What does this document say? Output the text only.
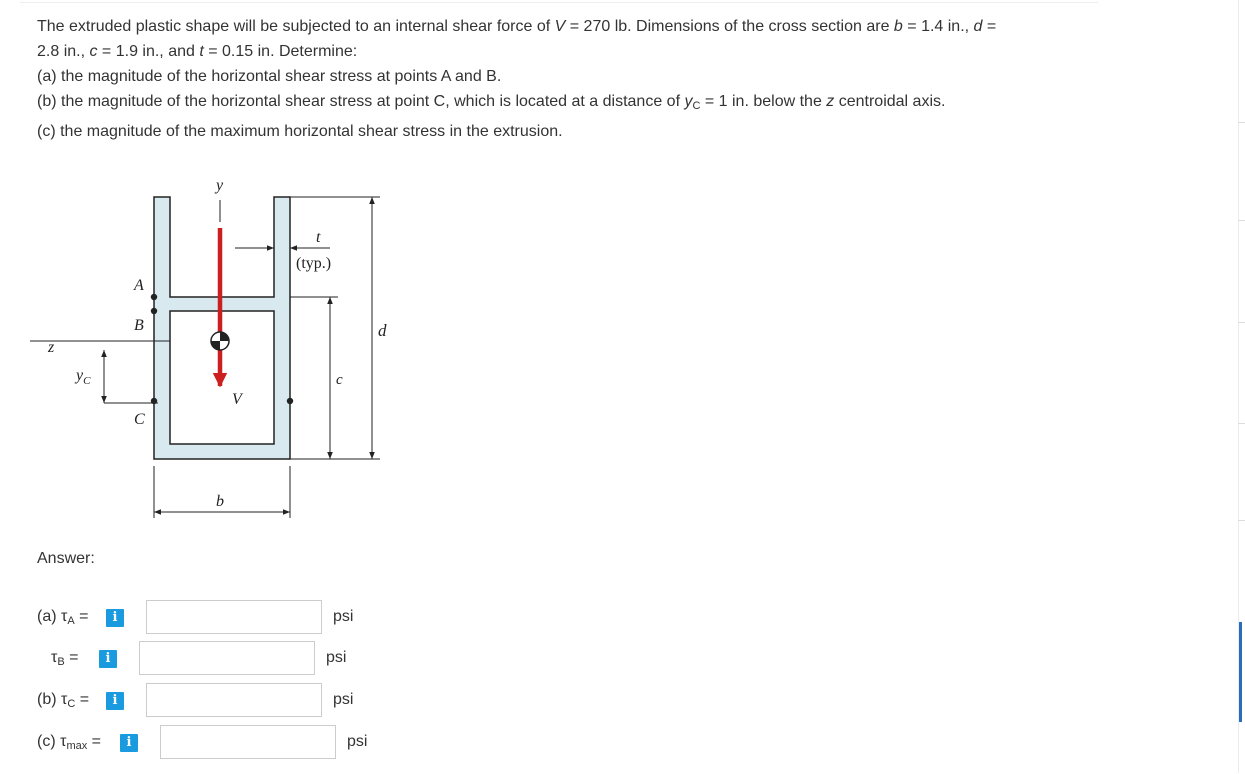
The extruded plastic shape will be subjected to an internal shear force of V = 270 lb. Dimensions of the cross section are b = 1.4 in., d =

2.8 in., c = 1.9 in., and t = 0.15 in. Determine:

(a) the magnitude of the horizontal shear stress at points A and B.

(b) the magnitude of the horizontal shear stress at point C, which is located at a distance of $y_C = 1$ in. below the z centroidal axis.

(c) the magnitude of the maximum horizontal shear stress in the extrusion.

z
y
V
A
B
C
$y_C$
t
(typ.)
c
d
b
Answer:
(a) $\tau_A$ =	i	psi
$\tau_B$ =	i	psi
(b) $\tau_C$ =	i	psi
(c) $\tau_{max}$ =	i	psi
